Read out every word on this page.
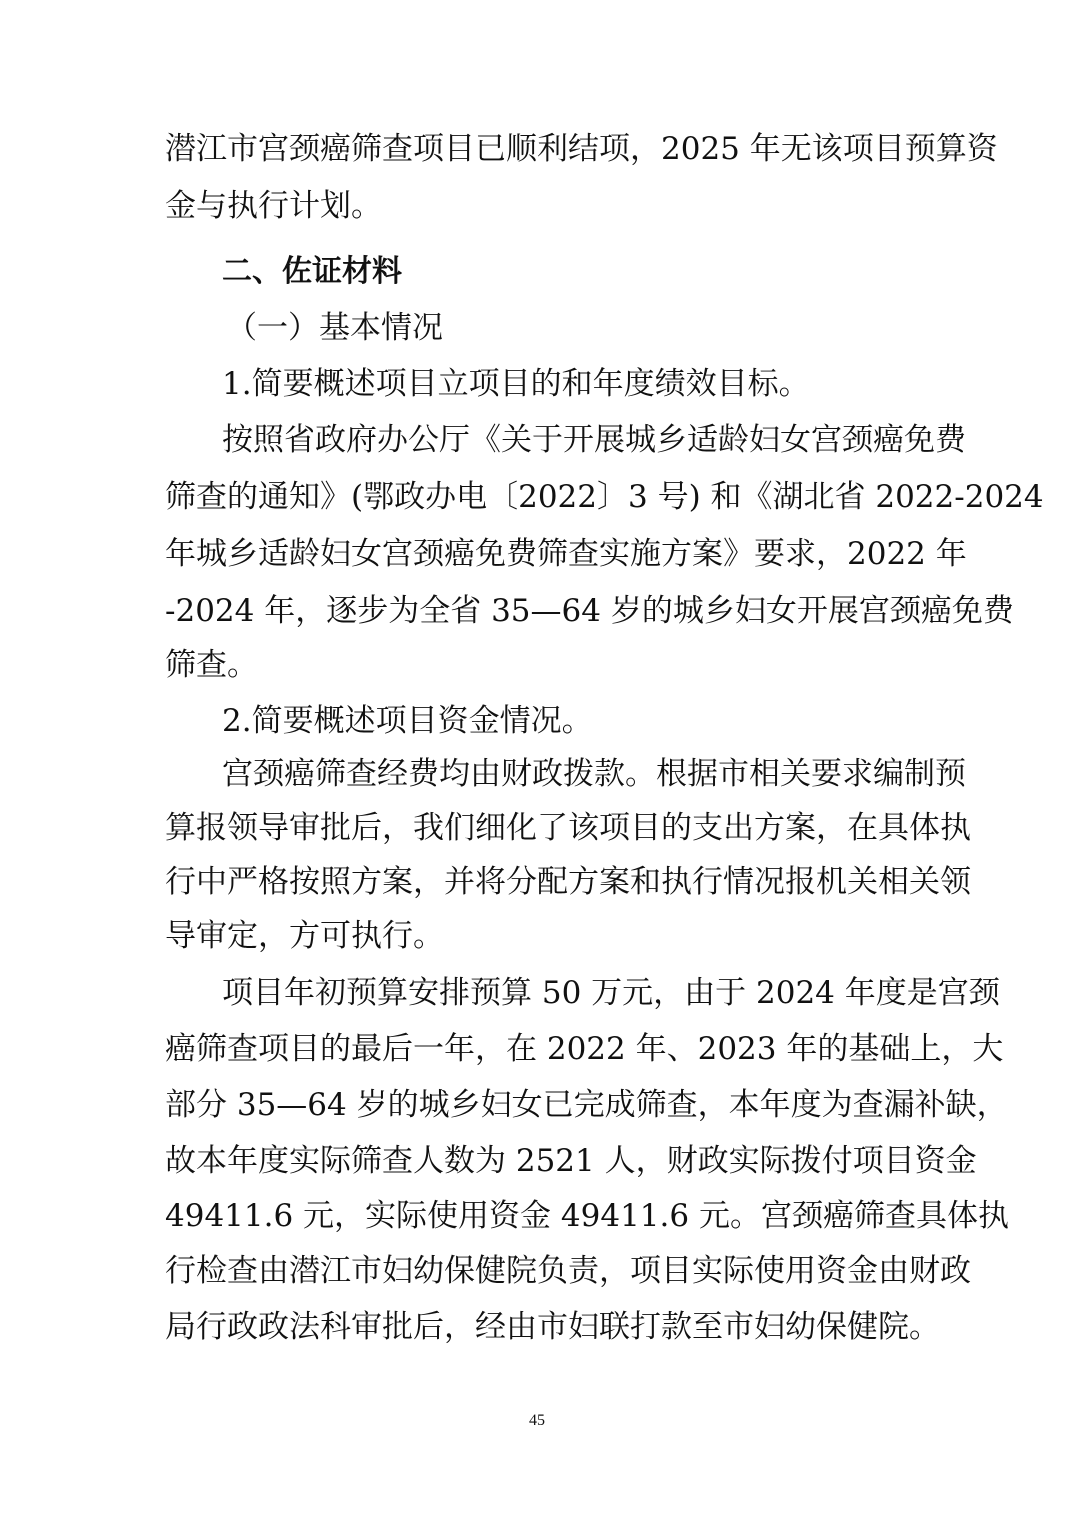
潜江市宫颈癌筛查项目已顺利结项，2025 年无该项目预算资

金与执行计划。

二、佐证材料

（一）基本情况

1.简要概述项目立项目的和年度绩效目标。

按照省政府办公厅《关于开展城乡适龄妇女宫颈癌免费

筛查的通知》(鄂政办电〔2022〕3 号) 和《湖北省 2022-2024

年城乡适龄妇女宫颈癌免费筛查实施方案》要求，2022 年

-2024 年，逐步为全省 35—64 岁的城乡妇女开展宫颈癌免费

筛查。

2.简要概述项目资金情况。

宫颈癌筛查经费均由财政拨款。根据市相关要求编制预

算报领导审批后，我们细化了该项目的支出方案，在具体执

行中严格按照方案，并将分配方案和执行情况报机关相关领

导审定，方可执行。

项目年初预算安排预算 50 万元，由于 2024 年度是宫颈

癌筛查项目的最后一年，在 2022 年、2023 年的基础上，大

部分 35—64 岁的城乡妇女已完成筛查，本年度为查漏补缺，

故本年度实际筛查人数为 2521 人，财政实际拨付项目资金

49411.6 元，实际使用资金 49411.6 元。宫颈癌筛查具体执

行检查由潜江市妇幼保健院负责，项目实际使用资金由财政

局行政政法科审批后，经由市妇联打款至市妇幼保健院。

45
